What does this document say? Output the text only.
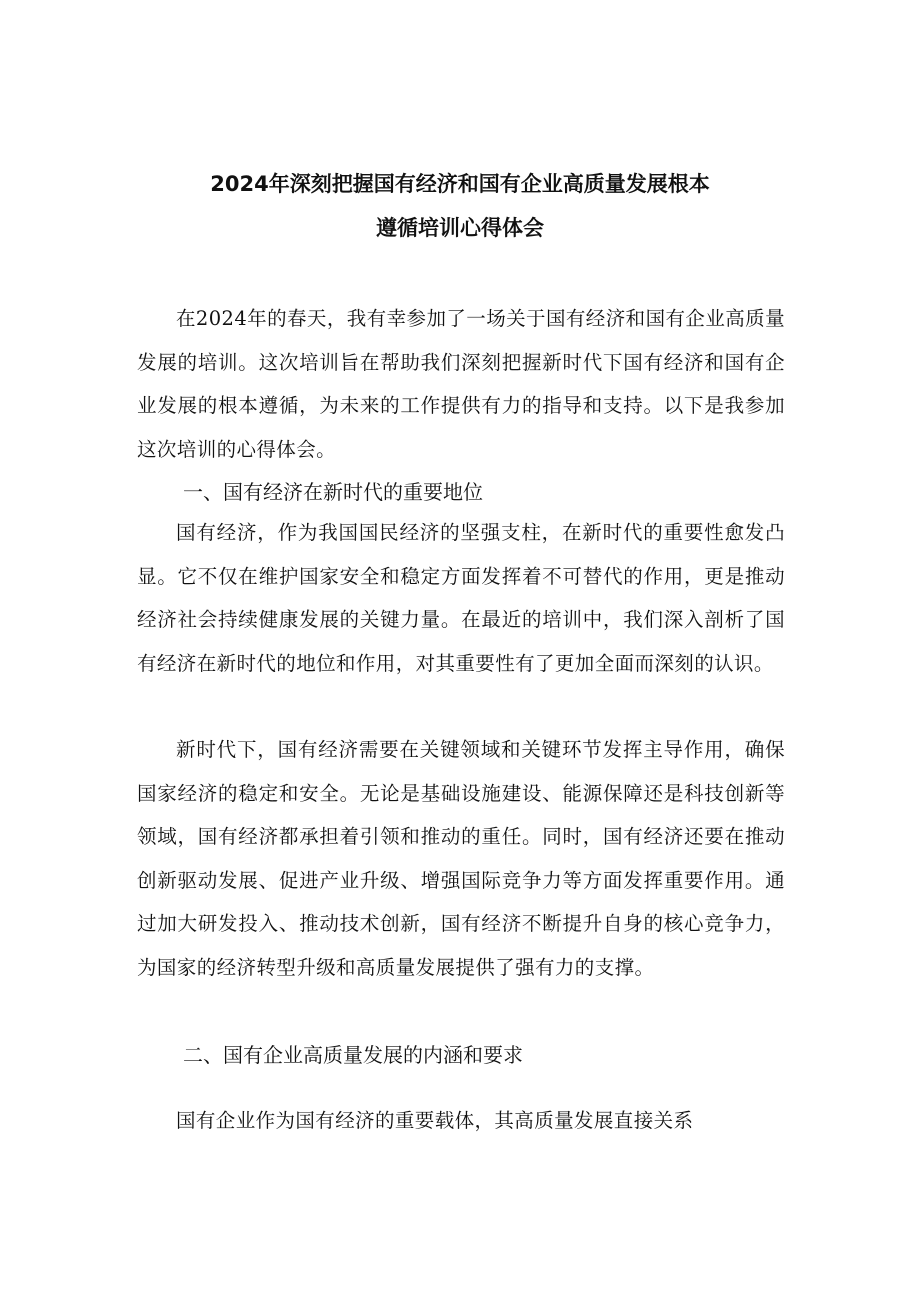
2024年深刻把握国有经济和国有企业高质量发展根本
遵循培训心得体会

在2024年的春天，我有幸参加了一场关于国有经济和国有企业高质量发展的培训。这次培训旨在帮助我们深刻把握新时代下国有经济和国有企业发展的根本遵循，为未来的工作提供有力的指导和支持。以下是我参加这次培训的心得体会。

一、国有经济在新时代的重要地位

国有经济，作为我国国民经济的坚强支柱，在新时代的重要性愈发凸显。它不仅在维护国家安全和稳定方面发挥着不可替代的作用，更是推动经济社会持续健康发展的关键力量。在最近的培训中，我们深入剖析了国有经济在新时代的地位和作用，对其重要性有了更加全面而深刻的认识。

新时代下，国有经济需要在关键领域和关键环节发挥主导作用，确保国家经济的稳定和安全。无论是基础设施建设、能源保障还是科技创新等领域，国有经济都承担着引领和推动的重任。同时，国有经济还要在推动创新驱动发展、促进产业升级、增强国际竞争力等方面发挥重要作用。通过加大研发投入、推动技术创新，国有经济不断提升自身的核心竞争力，为国家的经济转型升级和高质量发展提供了强有力的支撑。

二、国有企业高质量发展的内涵和要求

国有企业作为国有经济的重要载体，其高质量发展直接关系
